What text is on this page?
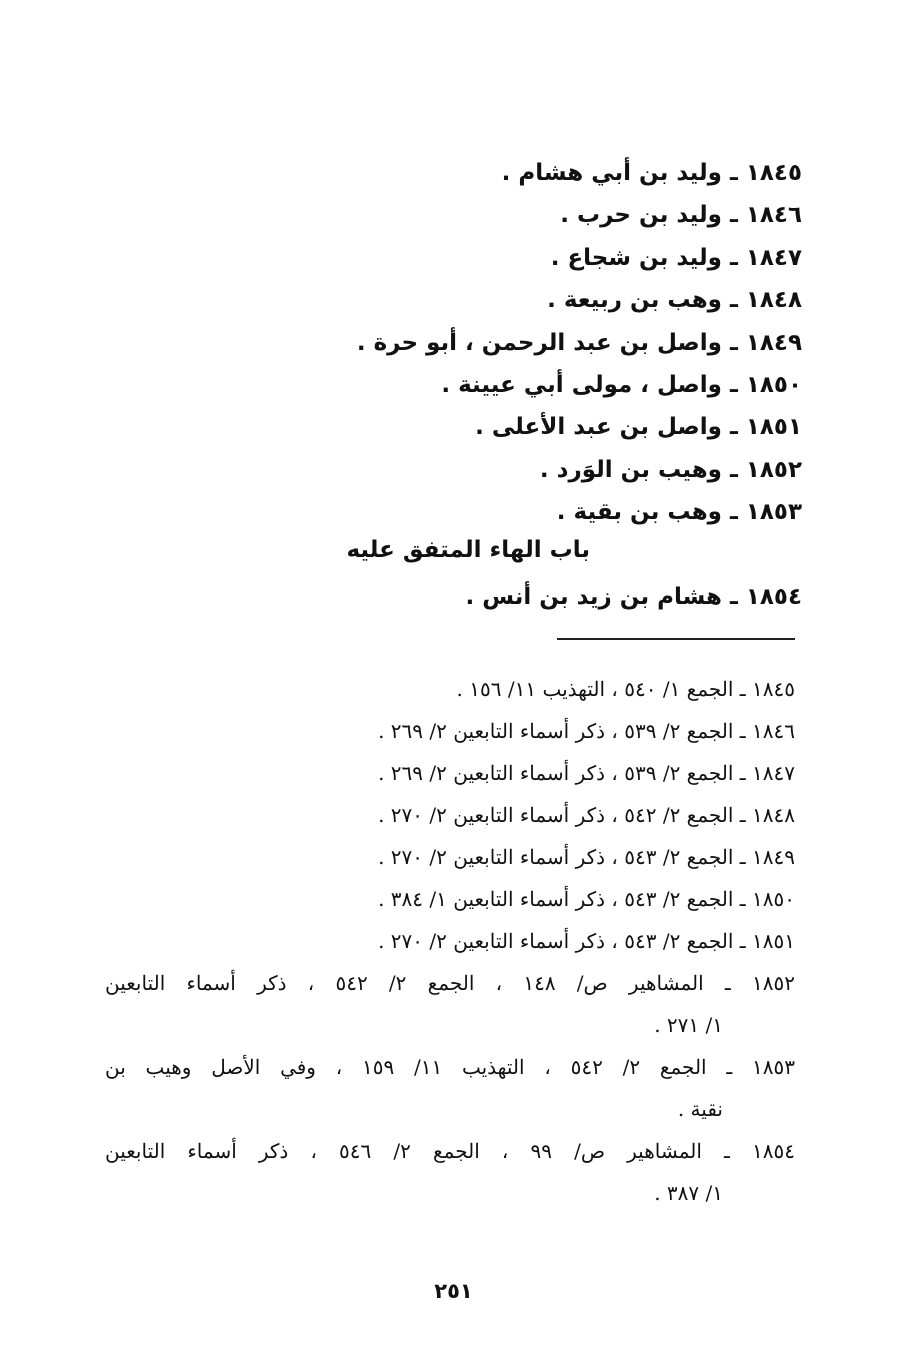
١٨٤٥ ـ وليد بن أبي هشام .
١٨٤٦ ـ وليد بن حرب .
١٨٤٧ ـ وليد بن شجاع .
١٨٤٨ ـ وهب بن ربيعة .
١٨٤٩ ـ واصل بن عبد الرحمن ، أبو حرة .
١٨٥٠ ـ واصل ، مولى أبي عيينة .
١٨٥١ ـ واصل بن عبد الأعلى .
١٨٥٢ ـ وهيب بن الوَرد .
١٨٥٣ ـ وهب بن بقية .
باب الهاء المتفق عليه
١٨٥٤ ـ هشام بن زيد بن أنس .
١٨٤٥ ـ الجمع ١/ ٥٤٠ ، التهذيب ١١/ ١٥٦ .
١٨٤٦ ـ الجمع ٢/ ٥٣٩ ، ذكر أسماء التابعين ٢/ ٢٦٩ .
١٨٤٧ ـ الجمع ٢/ ٥٣٩ ، ذكر أسماء التابعين ٢/ ٢٦٩ .
١٨٤٨ ـ الجمع ٢/ ٥٤٢ ، ذكر أسماء التابعين ٢/ ٢٧٠ .
١٨٤٩ ـ الجمع ٢/ ٥٤٣ ، ذكر أسماء التابعين ٢/ ٢٧٠ .
١٨٥٠ ـ الجمع ٢/ ٥٤٣ ، ذكر أسماء التابعين ١/ ٣٨٤ .
١٨٥١ ـ الجمع ٢/ ٥٤٣ ، ذكر أسماء التابعين ٢/ ٢٧٠ .
١٨٥٢ ـ المشاهير ص/ ١٤٨ ، الجمع ٢/ ٥٤٢ ، ذكر أسماء التابعين
١/ ٢٧١ .
١٨٥٣ ـ الجمع ٢/ ٥٤٢ ، التهذيب ١١/ ١٥٩ ، وفي الأصل وهيب بن
نقية .
١٨٥٤ ـ المشاهير ص/ ٩٩ ، الجمع ٢/ ٥٤٦ ، ذكر أسماء التابعين
١/ ٣٨٧ .
٢٥١
